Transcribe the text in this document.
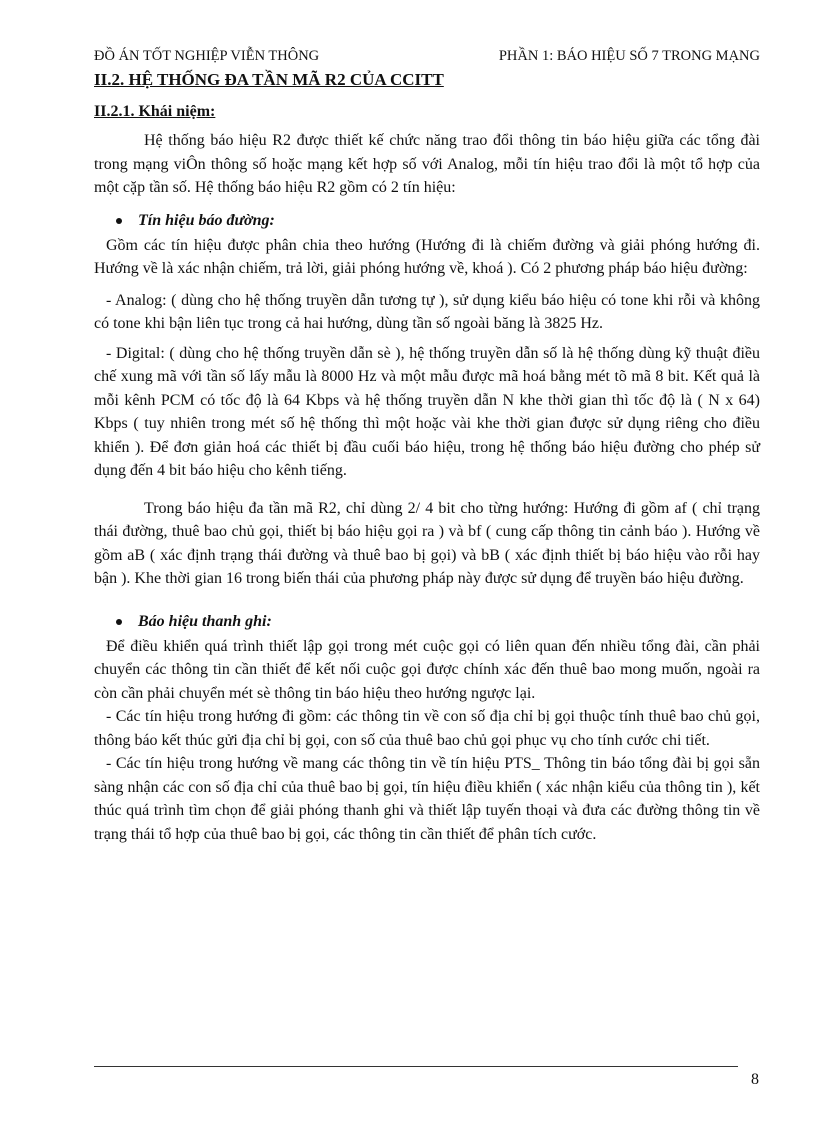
ĐỒ ÁN TỐT NGHIỆP VIỄN THÔNG	PHẦN 1: BÁO HIỆU SỐ 7 TRONG MẠNG
II.2. HỆ THỐNG ĐA TẦN MÃ R2 CỦA CCITT
II.2.1. Khái niệm:

Hệ thống báo hiệu R2 được thiết kế chức năng trao đổi thông tin báo hiệu giữa các tổng đài trong mạng viÔn thông số hoặc mạng kết hợp số với Analog, mỗi tín hiệu trao đổi là một tổ hợp của một cặp tần số. Hệ thống báo hiệu R2 gồm có 2 tín hiệu:

Tín hiệu báo đường:

Gồm các tín hiệu được phân chia theo hướng (Hướng đi là chiếm đường và giải phóng hướng đi. Hướng về là xác nhận chiếm, trả lời, giải phóng hướng về, khoá ). Có 2 phương pháp báo hiệu đường:

- Analog: ( dùng cho hệ thống truyền dẫn tương tự ), sử dụng kiểu báo hiệu có tone khi rỗi và không có tone khi bận liên tục trong cả hai hướng, dùng tần số ngoài băng là 3825 Hz.

- Digital: ( dùng cho hệ thống truyền dẫn sè ), hệ thống truyền dẫn số là hệ thống dùng kỹ thuật điều chế xung mã với tần số lấy mẫu là 8000 Hz và một mẫu được mã hoá bằng mét tõ mã 8 bit. Kết quả là mỗi kênh PCM có tốc độ là 64 Kbps và hệ thống truyền dẫn N khe thời gian thì tốc độ là ( N x 64) Kbps ( tuy nhiên trong mét số hệ thống thì một hoặc vài khe thời gian được sử dụng riêng cho điều khiển ). Để đơn giản hoá các thiết bị đầu cuối báo hiệu, trong hệ thống báo hiệu đường cho phép sử dụng đến 4 bit báo hiệu cho kênh tiếng.

Trong báo hiệu đa tần mã R2, chỉ dùng 2/ 4 bit cho từng hướng: Hướng đi gồm af ( chỉ trạng thái đường, thuê bao chủ gọi, thiết bị báo hiệu gọi ra ) và bf ( cung cấp thông tin cảnh báo ). Hướng về gồm aB ( xác định trạng thái đường và thuê bao bị gọi) và bB ( xác định thiết bị báo hiệu vào rỗi hay bận ). Khe thời gian 16 trong biến thái của phương pháp này được sử dụng để truyền báo hiệu đường.

Báo hiệu thanh ghi:

Để điều khiển quá trình thiết lập gọi trong mét cuộc gọi có liên quan đến nhiều tổng đài, cần phải chuyển các thông tin cần thiết để kết nối cuộc gọi được chính xác đến thuê bao mong muốn, ngoài ra còn cần phải chuyển mét sè thông tin báo hiệu theo hướng ngược lại.

- Các tín hiệu trong hướng đi gồm: các thông tin về con số địa chỉ bị gọi thuộc tính thuê bao chủ gọi, thông báo kết thúc gửi địa chỉ bị gọi, con số của thuê bao chủ gọi phục vụ cho tính cước chi tiết.

- Các tín hiệu trong hướng về mang các thông tin về tín hiệu PTS_ Thông tin báo tổng đài bị gọi sẵn sàng nhận các con số địa chỉ của thuê bao bị gọi, tín hiệu điều khiển ( xác nhận kiểu của thông tin ), kết thúc quá trình tìm chọn để giải phóng thanh ghi và thiết lập tuyến thoại và đưa các đường thông tin về trạng thái tổ hợp của thuê bao bị gọi, các thông tin cần thiết để phân tích cước.

8
